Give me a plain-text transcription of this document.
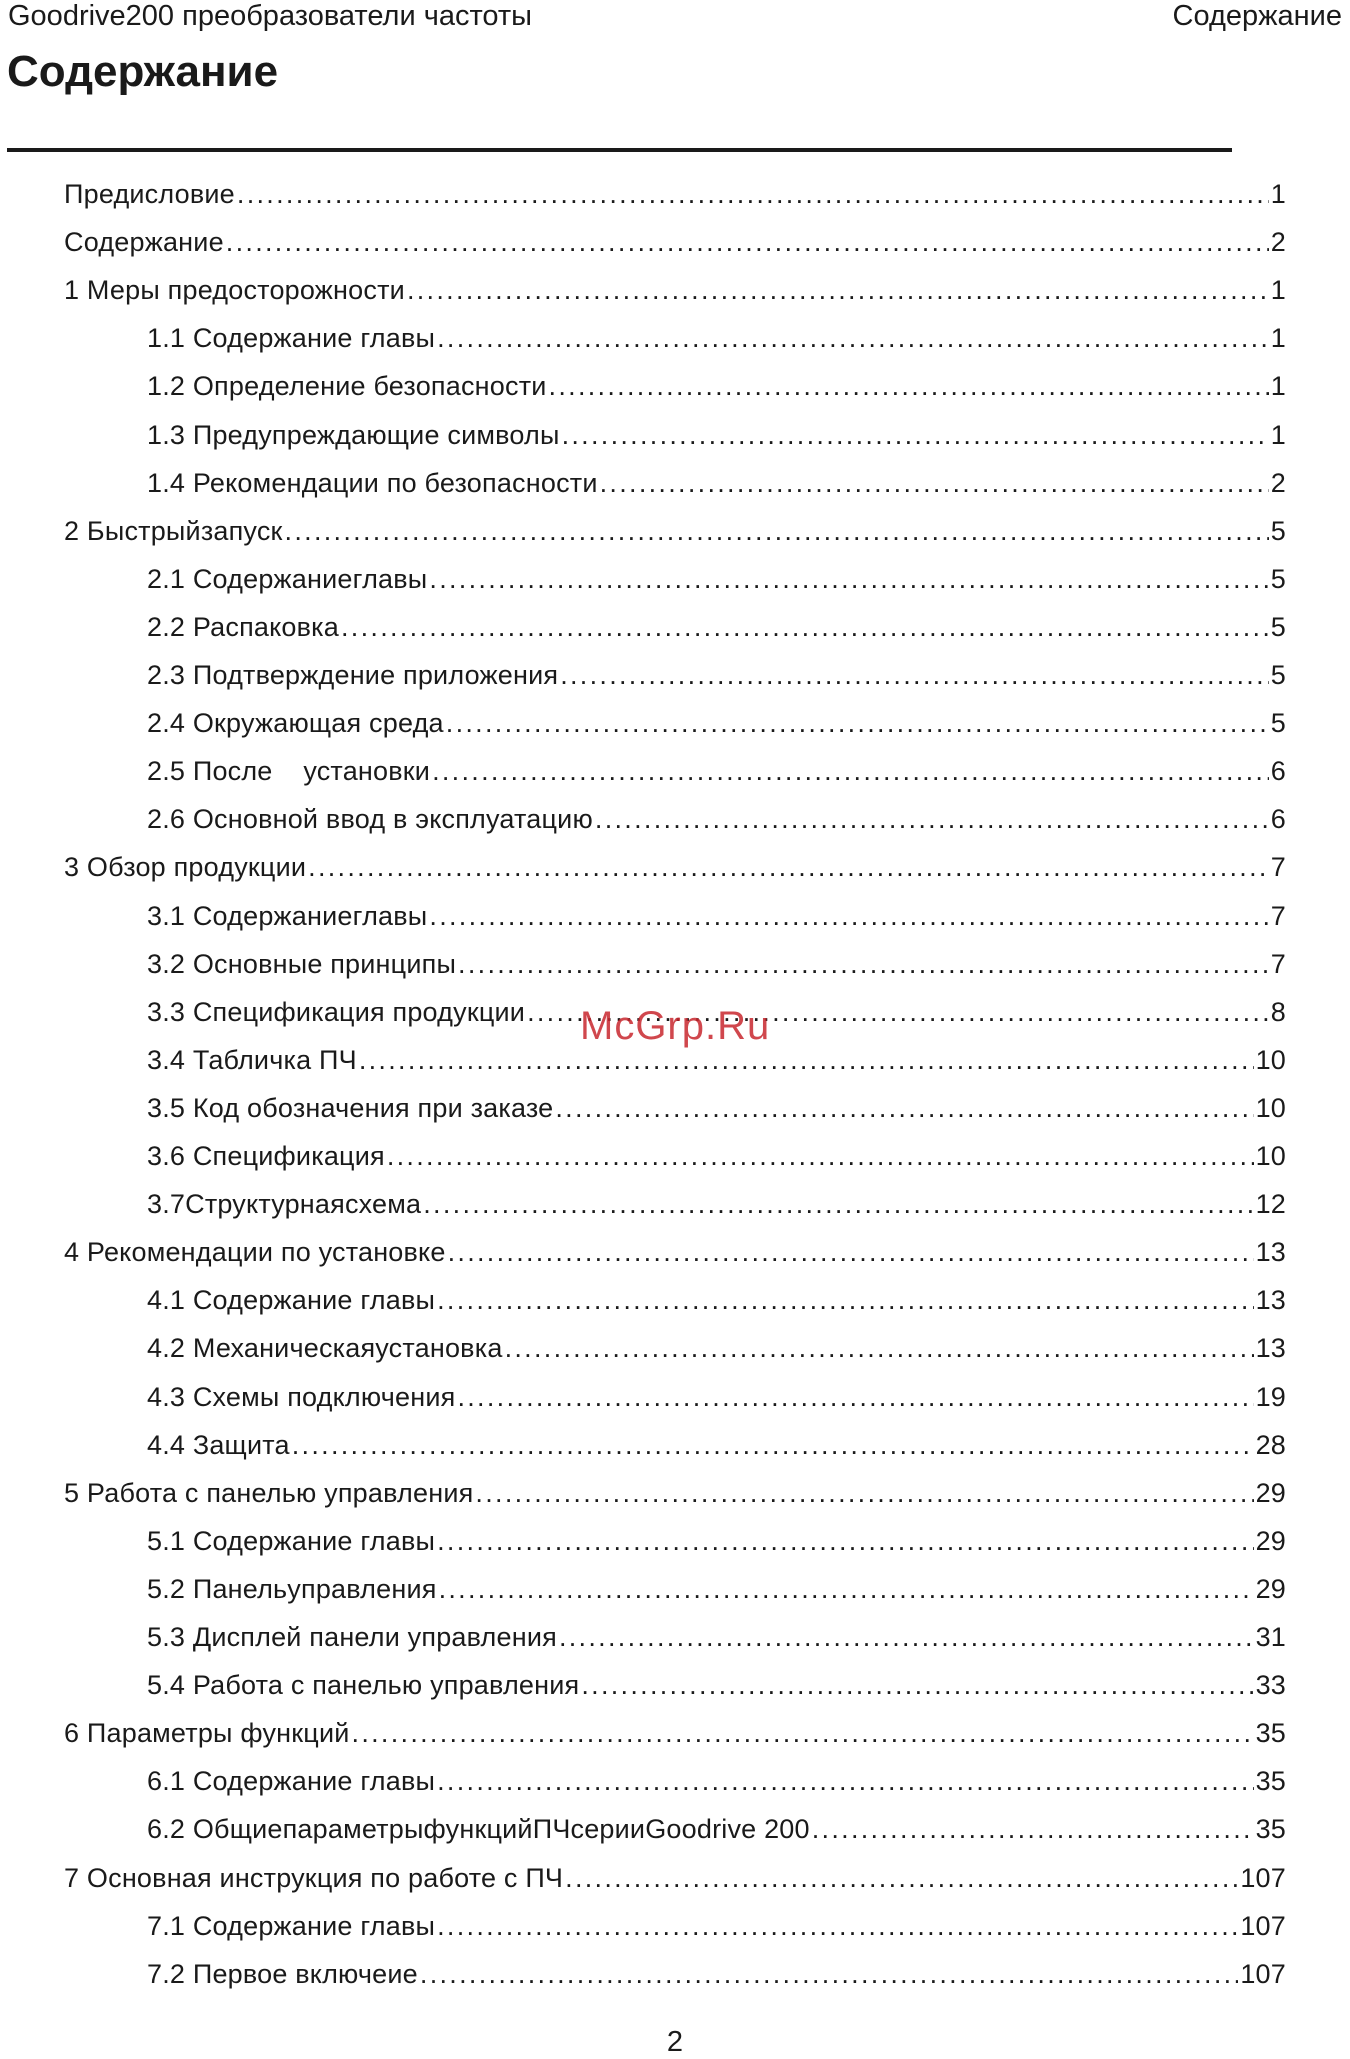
Goodrive200 преобразователи частоты	Содержание
Содержание
Предисловие .....	1
Содержание .....	2
1 Меры предосторожности .....	1
1.1 Содержание главы .....	1
1.2 Определение безопасности .....	1
1.3 Предупреждающие символы .....	1
1.4 Рекомендации по безопасности .....	2
2 Быстрыйзапуск .....	5
2.1 Содержаниеглавы .....	5
2.2 Распаковка .....	5
2.3 Подтверждение приложения .....	5
2.4 Окружающая среда .....	5
2.5 После    установки .....	6
2.6 Основной ввод в эксплуатацию .....	6
3 Обзор продукции .....	7
3.1 Содержаниеглавы .....	7
3.2 Основные принципы .....	7
3.3 Спецификация продукции .....	8
3.4 Табличка ПЧ .....	10
3.5 Код обозначения при заказе .....	10
3.6 Спецификация .....	10
3.7Структурнаясхема .....	12
4 Рекомендации по установке .....	13
4.1 Содержание главы .....	13
4.2 Механическаяустановка .....	13
4.3 Схемы подключения .....	19
4.4 Защита .....	28
5 Работа с панелью управления .....	29
5.1 Содержание главы .....	29
5.2 Панельуправления .....	29
5.3 Дисплей панели управления .....	31
5.4 Работа с панелью управления .....	33
6 Параметры функций .....	35
6.1 Содержание главы .....	35
6.2 ОбщиепараметрыфункцийПЧсерииGoodrive 200 .....	35
7 Основная инструкция по работе с ПЧ .....	107
7.1 Содержание главы .....	107
7.2 Первое включеие .....	107
McGrp.Ru
2
